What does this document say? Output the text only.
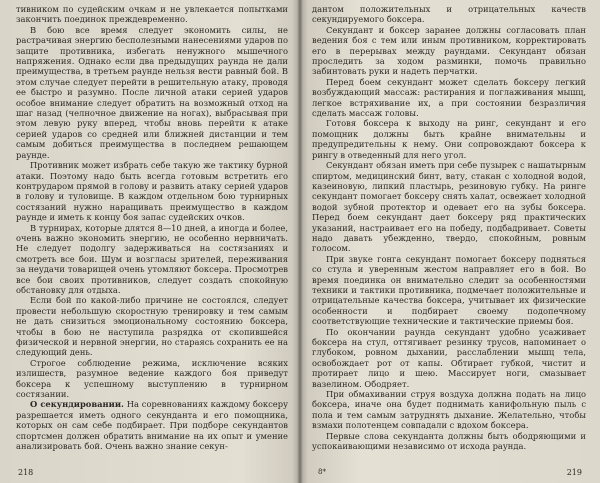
тивником по судейским очкам и не увлекается попытками закончить поединок преждевременно.

В бою все время следует экономить силы, не растрачивая энергию бесполезными нанесениями ударов по защите противника, избегать ненужного мышечного напряжения. Однако если два предыдущих раунда не дали преимущества, в третьем раунде нельзя вести равный бой. В этом случае следует перейти в решительную атаку, проводя ее быстро и разумно. После личной атаки серией ударов особое внимание следует обратить на возможный отход на шаг назад (челночное движение на ногах), выбрасывая при этом левую руку вперед, чтобы вновь перейти к атаке серией ударов со средней или ближней дистанции и тем самым добиться преимущества в последнем решающем раунде.

Противник может избрать себе такую же тактику бурной атаки. Поэтому надо быть всегда готовым встретить его контрударом прямой в голову и развить атаку серией ударов в голову и туловище. В каждом отдельном бою турнирных состязаний нужно наращивать преимущество в каждом раунде и иметь к концу боя запас судейских очков.

В турнирах, которые длятся 8—10 дней, а иногда и более, очень важно экономить энергию, не особенно нервничать. Не следует подолгу задерживаться на состязаниях и смотреть все бои. Шум и возгласы зрителей, переживания за неудачи товарищей очень утомляют боксера. Просмотрев все бои своих противников, следует создать спокойную обстановку для отдыха.

Если бой по какой-либо причине не состоялся, следует провести небольшую скоростную тренировку и тем самым не дать снизиться эмоциональному состоянию боксера, чтобы в бою не наступила разрядка от скопившейся физической и нервной энергии, но стараясь сохранить ее на следующий день.

Строгое соблюдение режима, исключение всяких излишеств, разумное ведение каждого боя приведут боксера к успешному выступлению в турнирном состязании.

О секундировании. На соревнованиях каждому боксеру разрешается иметь одного секунданта и его помощника, которых он сам себе подбирает. При подборе секундантов спортсмен должен обратить внимание на их опыт и умение анализировать бой. Очень важно знание секун-

дантом положительных и отрицательных качеств секундируемого боксера.

Секундант и боксер заранее должны согласовать план ведения боя с тем или иным противником, корректировать его в перерывах между раундами. Секундант обязан проследить за ходом разминки, помочь правильно забинтовать руки и надеть перчатки.

Перед боем секундант может сделать боксеру легкий возбуждающий массаж: растирания и поглаживания мышц, легкое встряхивание их, а при состоянии безразличия сделать массаж головы.

Готовя боксера к выходу на ринг, секундант и его помощник должны быть крайне внимательны и предупредительны к нему. Они сопровождают боксера к рингу в отведенный для него угол.

Секундант обязан иметь при себе пузырек с нашатырным спиртом, медицинский бинт, вату, стакан с холодной водой, казеиновую, липкий пластырь, резиновую губку. На ринге секундант помогает боксеру снять халат, освежает холодной водой зубной протектор и одевает его на зубы боксера. Перед боем секундант дает боксеру ряд практических указаний, настраивает его на победу, подбадривает. Советы надо давать убежденно, твердо, спокойным, ровным голосом.

При звуке гонга секундант помогает боксеру подняться со стула и уверенным жестом направляет его в бой. Во время поединка он внимательно следит за особенностями техники и тактики противника, подмечает положительные и отрицательные качества боксера, учитывает их физические особенности и подбирает своему подопечному соответствующие технические и тактические приемы боя.

По окончании раунда секундант удобно усаживает боксера на стул, оттягивает резинку трусов, напоминает о глубоком, ровном дыхании, расслаблении мышц тела, освобождает рот от капы. Обтирает губкой, чистит и протирает лицо и шею. Массирует ноги, смазывает вазелином. Ободряет.

При обмахивании струя воздуха должна подать на лицо боксера, иначе она будет поднимать канифольную пыль с пола и тем самым затруднять дыхание. Желательно, чтобы взмахи полотенцем совпадали с вдохом боксера.

Первые слова секунданта должны быть ободряющими и успокаивающими независимо от исхода раунда.

218	8*	219
